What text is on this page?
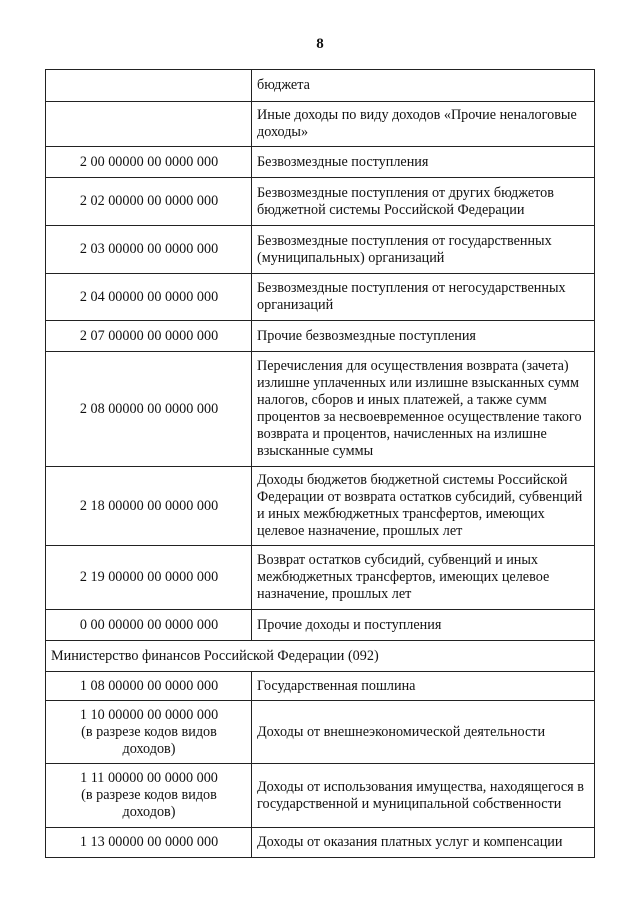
8
	бюджета
	Иные доходы по виду доходов «Прочие неналоговые доходы»
2 00 00000 00 0000 000	Безвозмездные поступления
2 02 00000 00 0000 000	Безвозмездные поступления от других бюджетов бюджетной системы Российской Федерации
2 03 00000 00 0000 000	Безвозмездные поступления от государственных (муниципальных) организаций
2 04 00000 00 0000 000	Безвозмездные поступления от негосударственных организаций
2 07 00000 00 0000 000	Прочие безвозмездные поступления
2 08 00000 00 0000 000	Перечисления для осуществления возврата (зачета) излишне уплаченных или излишне взысканных сумм налогов, сборов и иных платежей, а также сумм процентов за несвоевременное осуществление такого возврата и процентов, начисленных на излишне взысканные суммы
2 18 00000 00 0000 000	Доходы бюджетов бюджетной системы Российской Федерации от возврата остатков субсидий, субвенций и иных межбюджетных трансфертов, имеющих целевое назначение, прошлых лет
2 19 00000 00 0000 000	Возврат остатков субсидий, субвенций и иных межбюджетных трансфертов, имеющих целевое назначение, прошлых лет
0 00 00000 00 0000 000	Прочие доходы и поступления
Министерство финансов Российской Федерации (092)	

1 08 00000 00 0000 000	Государственная пошлина

1 10 00000 00 0000 000
(в разрезе кодов видов
доходов)	Доходы от внешнеэкономической деятельности

1 11 00000 00 0000 000
(в разрезе кодов видов
доходов)	Доходы от использования имущества, находящегося в государственной и муниципальной собственности

1 13 00000 00 0000 000	Доходы от оказания платных услуг и компенсации
